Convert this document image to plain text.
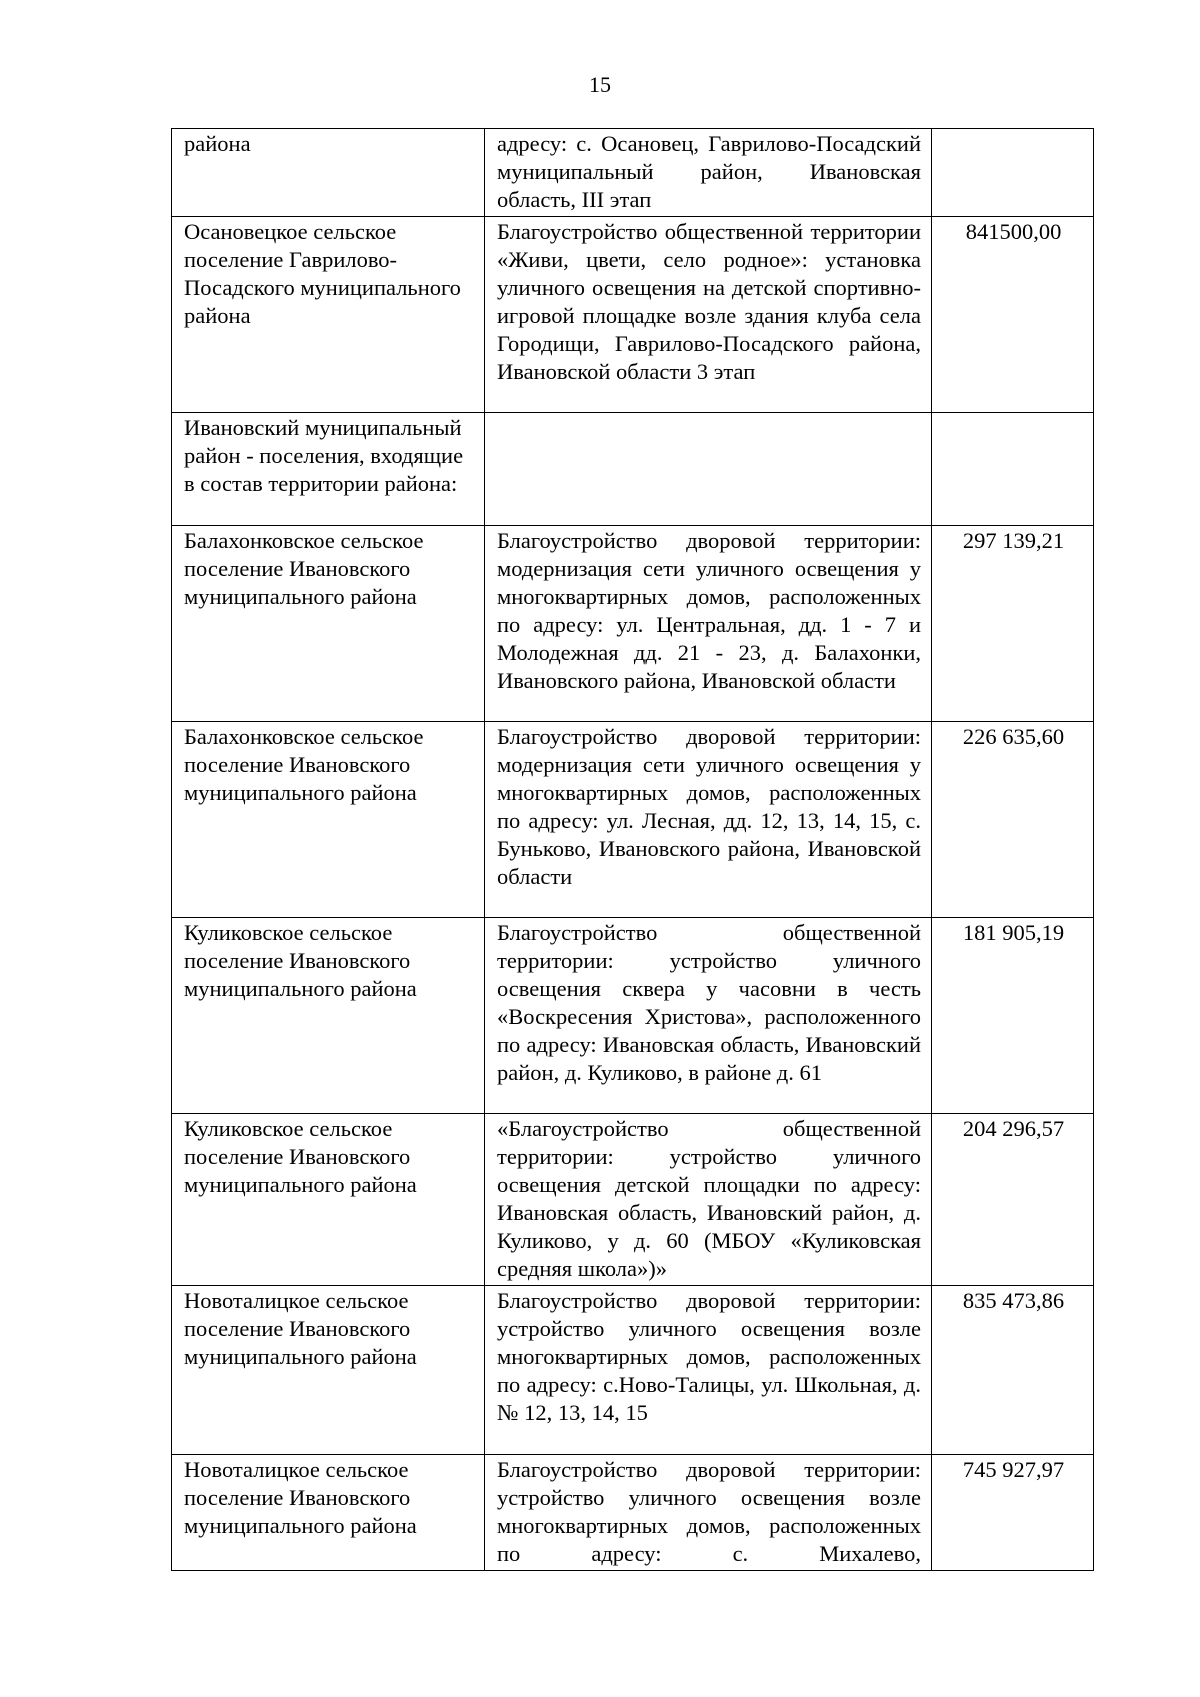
15
района	адресу: с. Осановец, Гаврилово-Посадский муниципальный район, Ивановская область, III этап	
Осановецкое сельское поселение Гаврилово-Посадского муниципального района	Благоустройство общественной территории «Живи, цвети, село родное»: установка уличного освещения на детской спортивно-игровой площадке возле здания клуба села Городищи, Гаврилово-Посадского района, Ивановской области 3 этап	841500,00
Ивановский муниципальный район - поселения, входящие в состав территории района:		
Балахонковское сельское поселение Ивановского муниципального района	Благоустройство дворовой территории: модернизация сети уличного освещения у многоквартирных домов, расположенных по адресу: ул. Центральная, дд. 1 - 7 и Молодежная дд. 21 - 23, д. Балахонки, Ивановского района, Ивановской области	297 139,21
Балахонковское сельское поселение Ивановского муниципального района	Благоустройство дворовой территории: модернизация сети уличного освещения у многоквартирных домов, расположенных по адресу: ул. Лесная, дд. 12, 13, 14, 15, с. Буньково, Ивановского района, Ивановской области	226 635,60
Куликовское сельское поселение Ивановского муниципального района	Благоустройство общественной территории: устройство уличного освещения сквера у часовни в честь «Воскресения Христова», расположенного по адресу: Ивановская область, Ивановский район, д. Куликово, в районе д. 61	181 905,19
Куликовское сельское поселение Ивановского муниципального района	«Благоустройство общественной территории: устройство уличного освещения детской площадки по адресу: Ивановская область, Ивановский район, д. Куликово, у д. 60 (МБОУ «Куликовская средняя школа»)»	204 296,57
Новоталицкое сельское поселение Ивановского муниципального района	Благоустройство дворовой территории: устройство уличного освещения возле многоквартирных домов, расположенных по адресу: с.Ново-Талицы, ул. Школьная, д. № 12, 13, 14, 15	835 473,86
Новоталицкое сельское поселение Ивановского муниципального района	Благоустройство дворовой территории: устройство уличного освещения возле многоквартирных домов, расположенных по адресу: с. Михалево,	745 927,97
